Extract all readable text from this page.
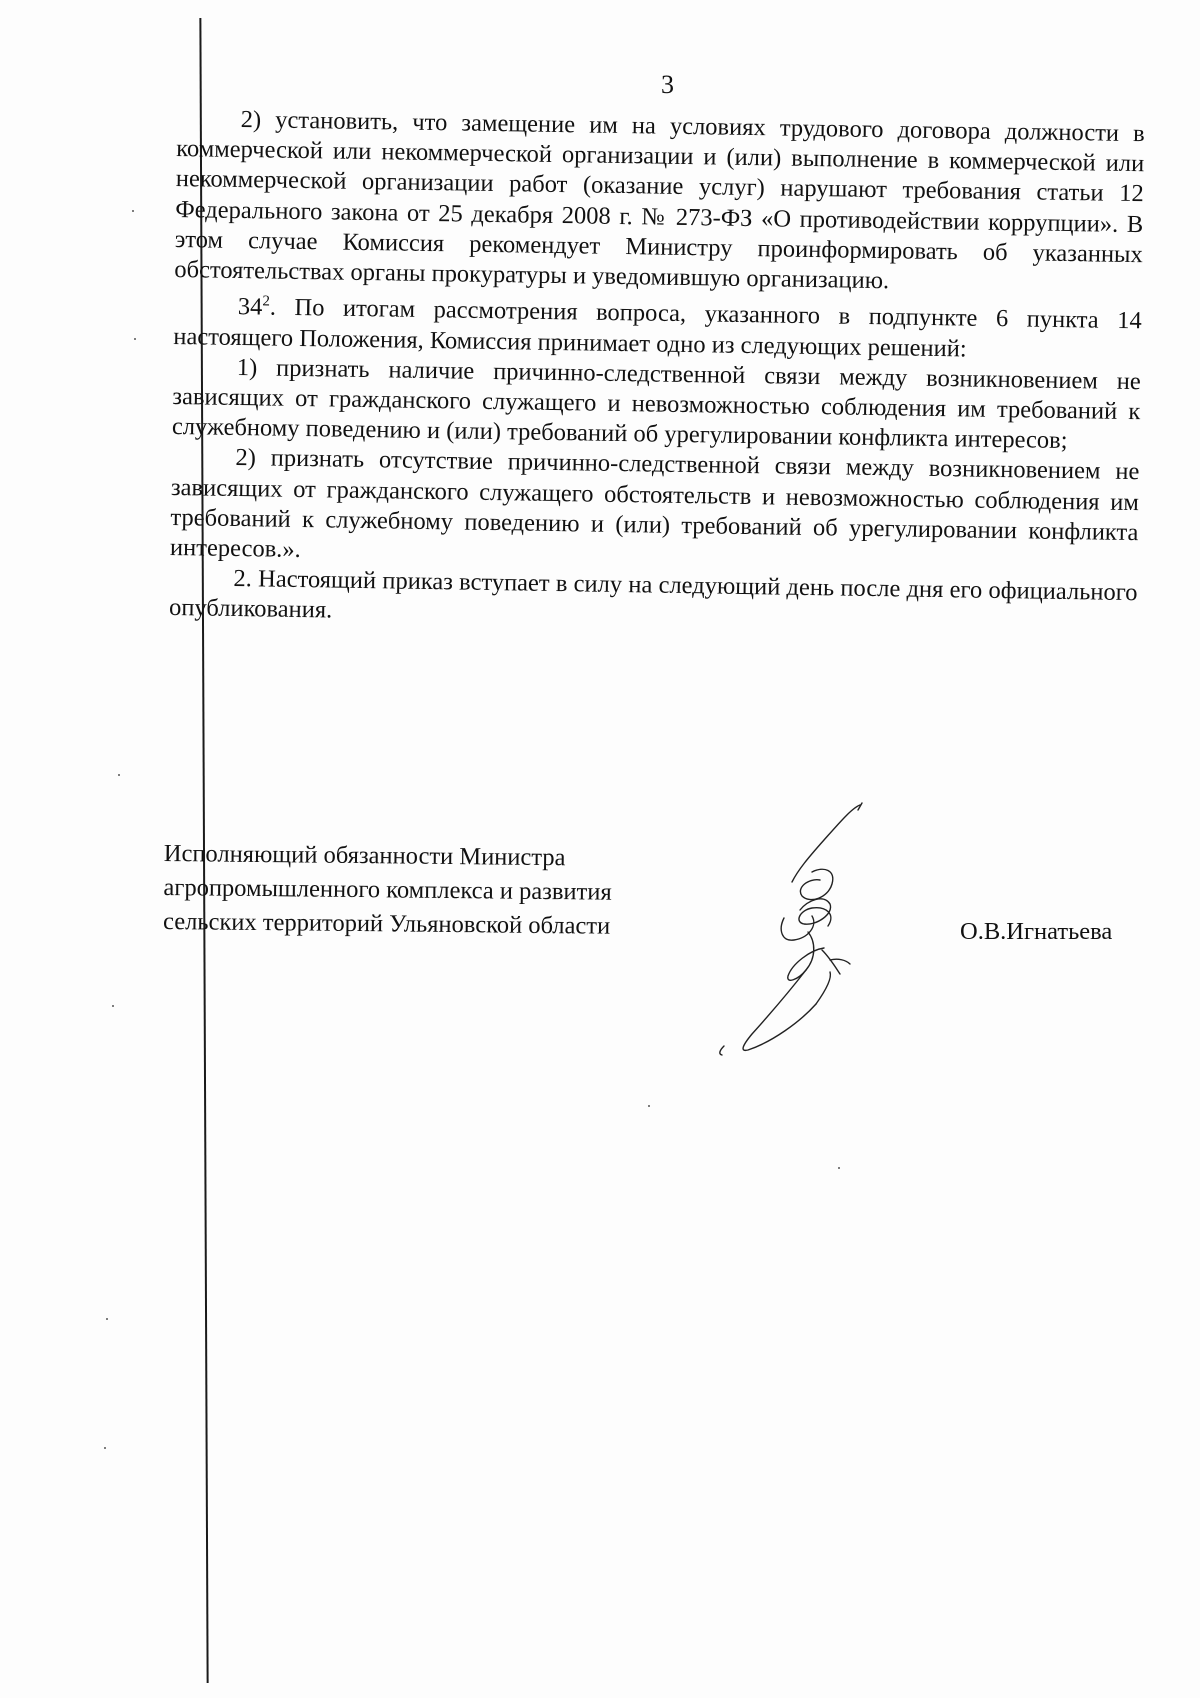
3

2) установить, что замещение им на условиях трудового договора должности в коммерческой или некоммерческой организации и (или) выполнение в коммерческой или некоммерческой организации работ (оказание услуг) нарушают требования статьи 12 Федерального закона от 25 декабря 2008 г. № 273-ФЗ «О противодействии коррупции». В этом случае Комиссия рекомендует Министру проинформировать об указанных обстоятельствах органы прокуратуры и уведомившую организацию.

$34^2$. По итогам рассмотрения вопроса, указанного в подпункте 6 пункта 14 настоящего Положения, Комиссия принимает одно из следующих решений:

1) признать наличие причинно-следственной связи между возникновением не зависящих от гражданского служащего и невозможностью соблюдения им требований к служебному поведению и (или) требований об урегулировании конфликта интересов;

2) признать отсутствие причинно-следственной связи между возникновением не зависящих от гражданского служащего обстоятельств и невозможностью соблюдения им требований к служебному поведению и (или) требований об урегулировании конфликта интересов.».

2. Настоящий приказ вступает в силу на следующий день после дня его официального опубликования.

Исполняющий обязанности Министра
агропромышленного комплекса и развития
сельских территорий Ульяновской области	О.В.Игнатьева
